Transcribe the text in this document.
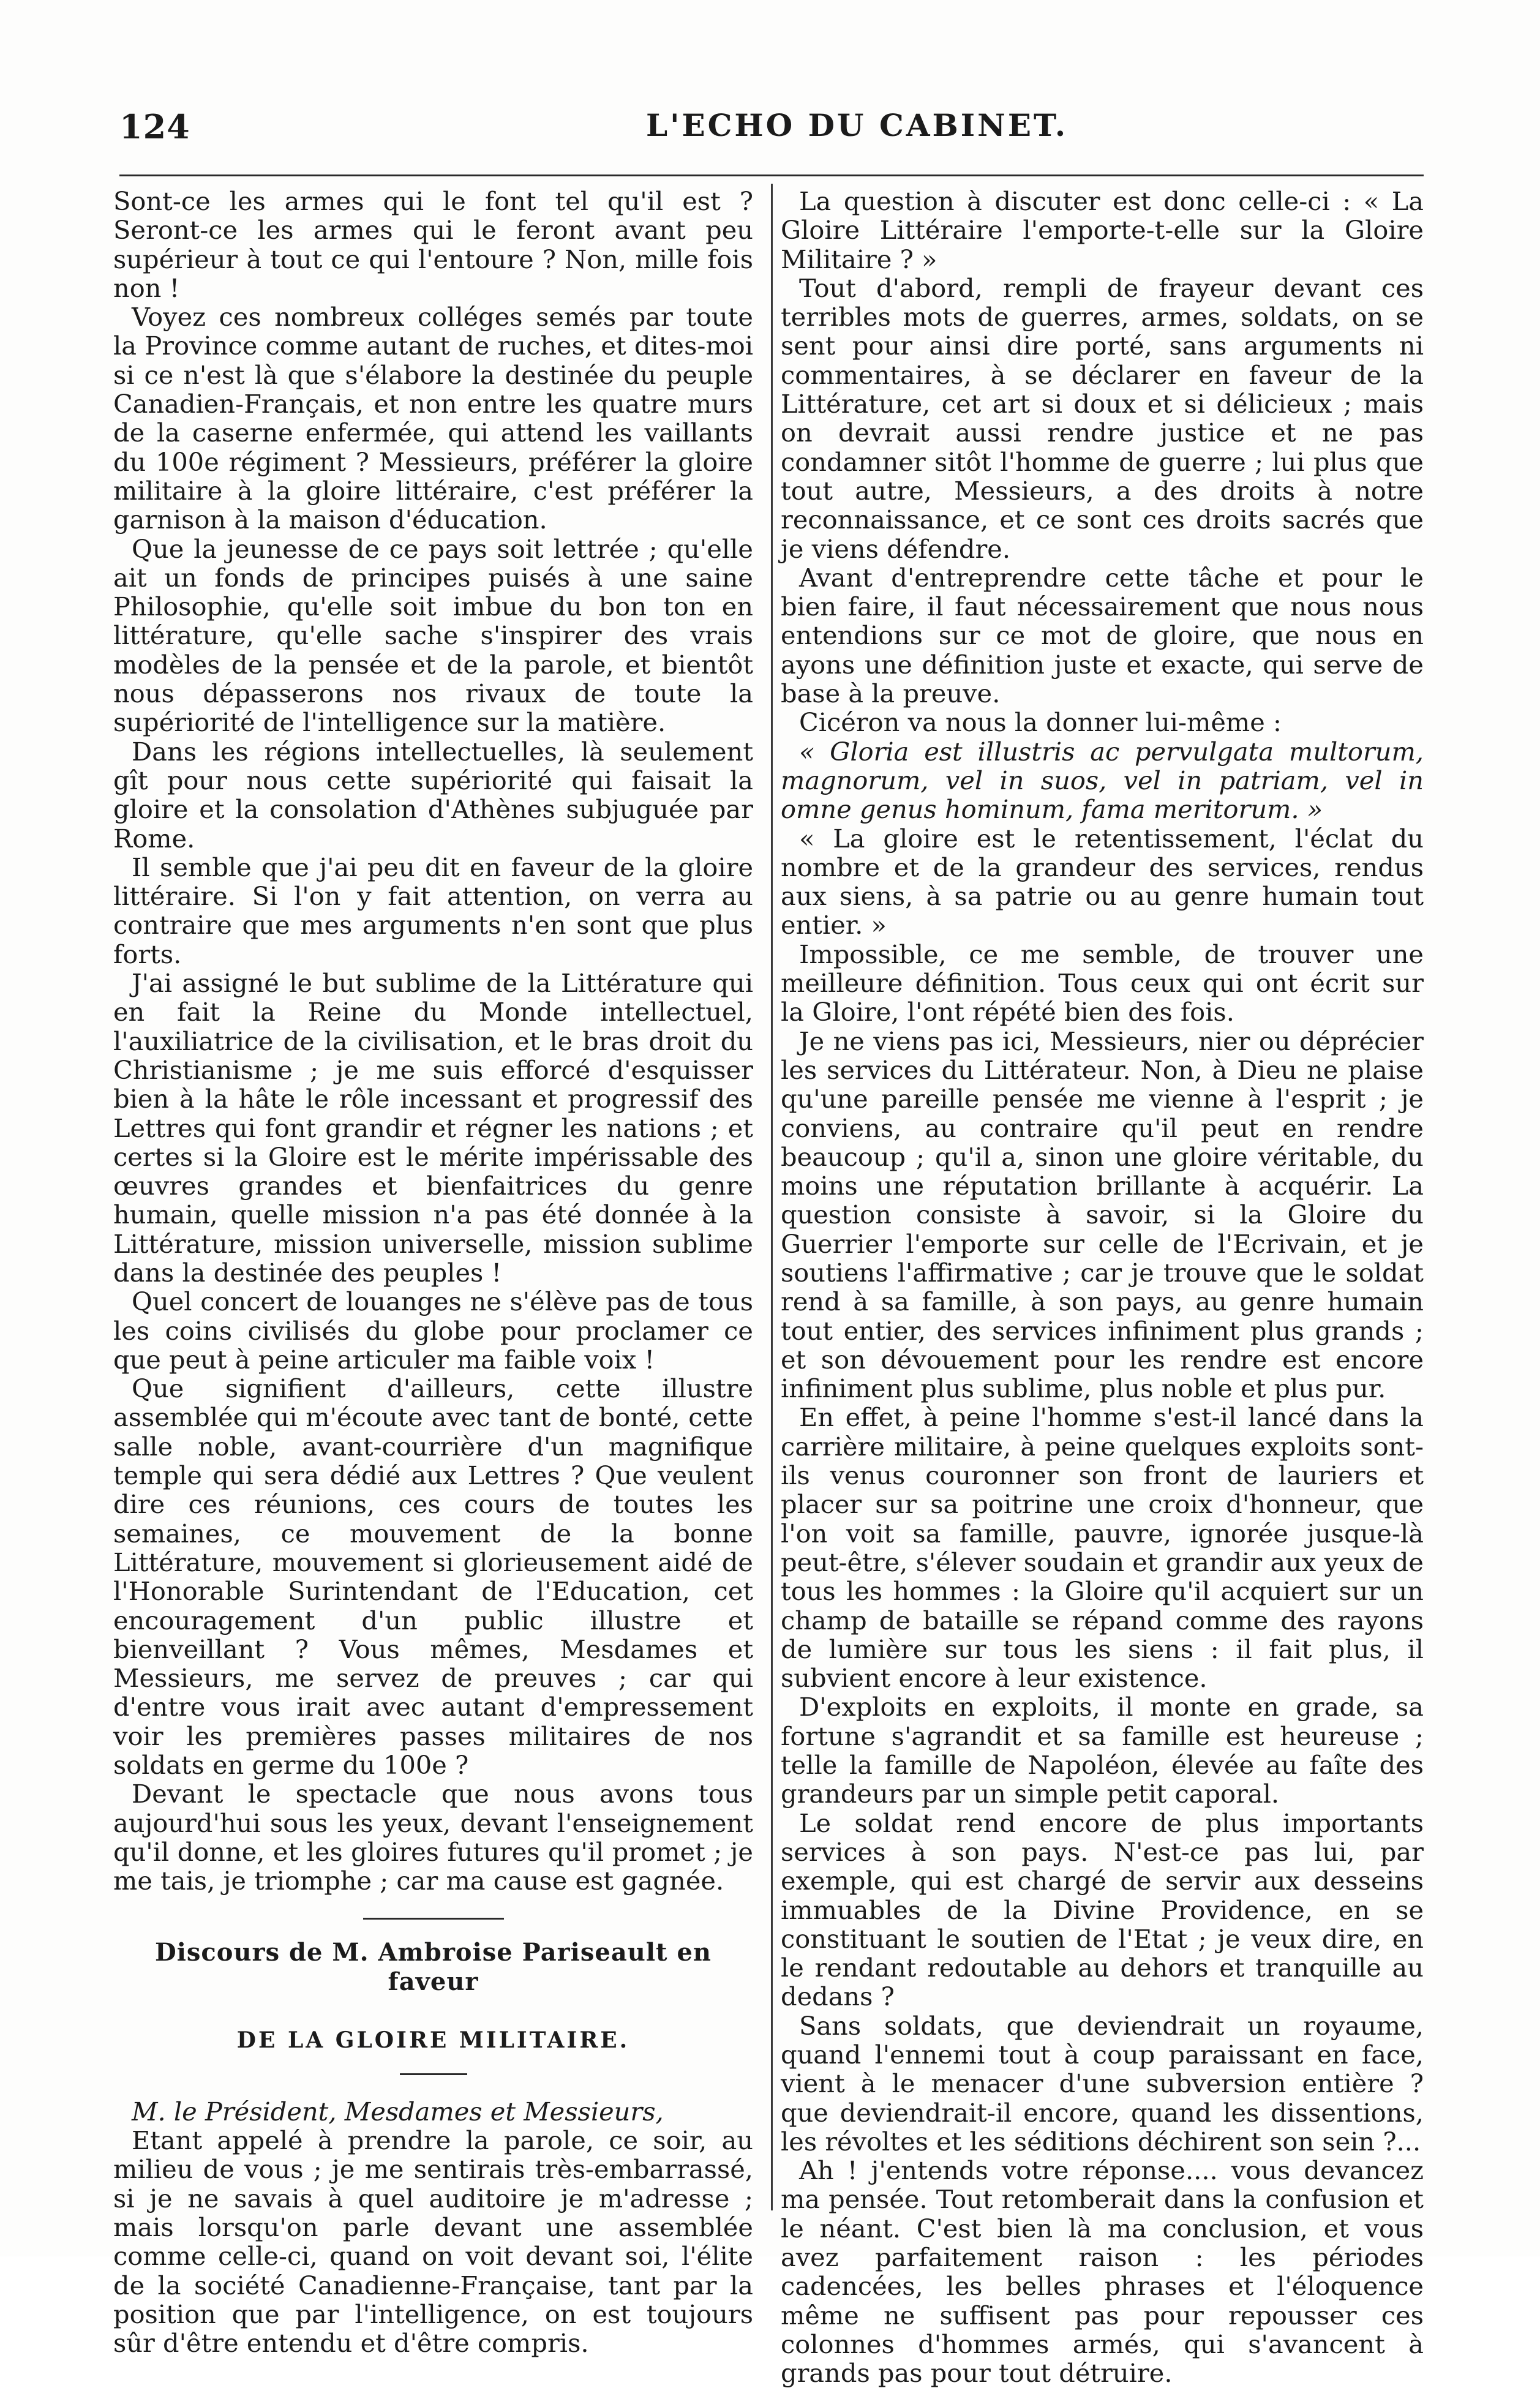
124	L'ECHO DU CABINET.

Sont-ce les armes qui le font tel qu'il est ? Seront-ce les armes qui le feront avant peu supérieur à tout ce qui l'entoure ? Non, mille fois non !

Voyez ces nombreux colléges semés par toute la Province comme autant de ruches, et dites-moi si ce n'est là que s'élabore la destinée du peuple Canadien-Français, et non entre les quatre murs de la caserne enfermée, qui attend les vaillants du 100e régiment ? Messieurs, préférer la gloire militaire à la gloire littéraire, c'est préférer la garnison à la maison d'éducation.

Que la jeunesse de ce pays soit lettrée ; qu'elle ait un fonds de principes puisés à une saine Philosophie, qu'elle soit imbue du bon ton en littérature, qu'elle sache s'inspirer des vrais modèles de la pensée et de la parole, et bientôt nous dépasserons nos rivaux de toute la supériorité de l'intelligence sur la matière.

Dans les régions intellectuelles, là seulement gît pour nous cette supériorité qui faisait la gloire et la consolation d'Athènes subjuguée par Rome.

Il semble que j'ai peu dit en faveur de la gloire littéraire. Si l'on y fait attention, on verra au contraire que mes arguments n'en sont que plus forts.

J'ai assigné le but sublime de la Littérature qui en fait la Reine du Monde intellectuel, l'auxiliatrice de la civilisation, et le bras droit du Christianisme ; je me suis efforcé d'esquisser bien à la hâte le rôle incessant et progressif des Lettres qui font grandir et régner les nations ; et certes si la Gloire est le mérite impérissable des œuvres grandes et bienfaitrices du genre humain, quelle mission n'a pas été donnée à la Littérature, mission universelle, mission sublime dans la destinée des peuples !

Quel concert de louanges ne s'élève pas de tous les coins civilisés du globe pour proclamer ce que peut à peine articuler ma faible voix !

Que signifient d'ailleurs, cette illustre assemblée qui m'écoute avec tant de bonté, cette salle noble, avant-courrière d'un magnifique temple qui sera dédié aux Lettres ? Que veulent dire ces réunions, ces cours de toutes les semaines, ce mouvement de la bonne Littérature, mouvement si glorieusement aidé de l'Honorable Surintendant de l'Education, cet encouragement d'un public illustre et bienveillant ? Vous mêmes, Mesdames et Messieurs, me servez de preuves ; car qui d'entre vous irait avec autant d'empressement voir les premières passes militaires de nos soldats en germe du 100e ?

Devant le spectacle que nous avons tous aujourd'hui sous les yeux, devant l'enseignement qu'il donne, et les gloires futures qu'il promet ; je me tais, je triomphe ; car ma cause est gagnée.

Discours de M. Ambroise Pariseault en faveur
DE LA GLOIRE MILITAIRE.

M. le Président, Mesdames et Messieurs,

Etant appelé à prendre la parole, ce soir, au milieu de vous ; je me sentirais très-embarrassé, si je ne savais à quel auditoire je m'adresse ; mais lorsqu'on parle devant une assemblée comme celle-ci, quand on voit devant soi, l'élite de la société Canadienne-Française, tant par la position que par l'intelligence, on est toujours sûr d'être entendu et d'être compris.

La question à discuter est donc celle-ci : « La Gloire Littéraire l'emporte-t-elle sur la Gloire Militaire ? »

Tout d'abord, rempli de frayeur devant ces terribles mots de guerres, armes, soldats, on se sent pour ainsi dire porté, sans arguments ni commentaires, à se déclarer en faveur de la Littérature, cet art si doux et si délicieux ; mais on devrait aussi rendre justice et ne pas condamner sitôt l'homme de guerre ; lui plus que tout autre, Messieurs, a des droits à notre reconnaissance, et ce sont ces droits sacrés que je viens défendre.

Avant d'entreprendre cette tâche et pour le bien faire, il faut nécessairement que nous nous entendions sur ce mot de gloire, que nous en ayons une définition juste et exacte, qui serve de base à la preuve.

Cicéron va nous la donner lui-même :

« Gloria est illustris ac pervulgata multorum, magnorum, vel in suos, vel in patriam, vel in omne genus hominum, fama meritorum. »

« La gloire est le retentissement, l'éclat du nombre et de la grandeur des services, rendus aux siens, à sa patrie ou au genre humain tout entier. »

Impossible, ce me semble, de trouver une meilleure définition. Tous ceux qui ont écrit sur la Gloire, l'ont répété bien des fois.

Je ne viens pas ici, Messieurs, nier ou déprécier les services du Littérateur. Non, à Dieu ne plaise qu'une pareille pensée me vienne à l'esprit ; je conviens, au contraire qu'il peut en rendre beaucoup ; qu'il a, sinon une gloire véritable, du moins une réputation brillante à acquérir. La question consiste à savoir, si la Gloire du Guerrier l'emporte sur celle de l'Ecrivain, et je soutiens l'affirmative ; car je trouve que le soldat rend à sa famille, à son pays, au genre humain tout entier, des services infiniment plus grands ; et son dévouement pour les rendre est encore infiniment plus sublime, plus noble et plus pur.

En effet, à peine l'homme s'est-il lancé dans la carrière militaire, à peine quelques exploits sont-ils venus couronner son front de lauriers et placer sur sa poitrine une croix d'honneur, que l'on voit sa famille, pauvre, ignorée jusque-là peut-être, s'élever soudain et grandir aux yeux de tous les hommes : la Gloire qu'il acquiert sur un champ de bataille se répand comme des rayons de lumière sur tous les siens : il fait plus, il subvient encore à leur existence.

D'exploits en exploits, il monte en grade, sa fortune s'agrandit et sa famille est heureuse ; telle la famille de Napoléon, élevée au faîte des grandeurs par un simple petit caporal.

Le soldat rend encore de plus importants services à son pays. N'est-ce pas lui, par exemple, qui est chargé de servir aux desseins immuables de la Divine Providence, en se constituant le soutien de l'Etat ; je veux dire, en le rendant redoutable au dehors et tranquille au dedans ?

Sans soldats, que deviendrait un royaume, quand l'ennemi tout à coup paraissant en face, vient à le menacer d'une subversion entière ? que deviendrait-il encore, quand les dissentions, les révoltes et les séditions déchirent son sein ?...

Ah ! j'entends votre réponse.... vous devancez ma pensée. Tout retomberait dans la confusion et le néant. C'est bien là ma conclusion, et vous avez parfaitement raison : les périodes cadencées, les belles phrases et l'éloquence même ne suffisent pas pour repousser ces colonnes d'hommes armés, qui s'avancent à grands pas pour tout détruire.
